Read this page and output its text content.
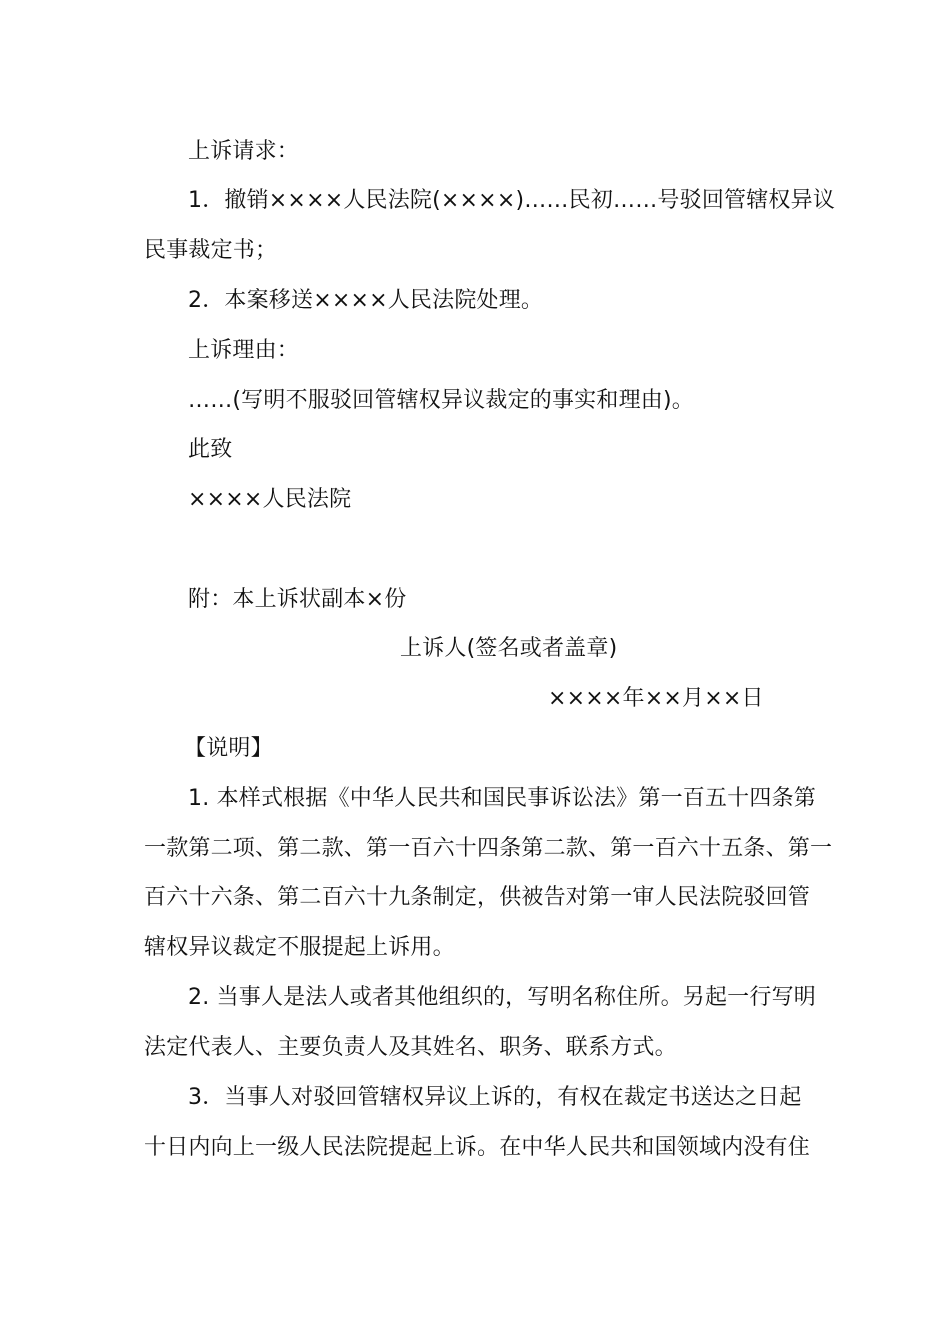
上诉请求：
1．撤销××××人民法院(××××)……民初……号驳回管辖权异议
民事裁定书；
2．本案移送××××人民法院处理。
上诉理由：
……(写明不服驳回管辖权异议裁定的事实和理由)。
此致
××××人民法院
附：本上诉状副本×份
上诉人(签名或者盖章)
××××年××月××日
【说明】
1. 本样式根据《中华人民共和国民事诉讼法》第一百五十四条第
一款第二项、第二款、第一百六十四条第二款、第一百六十五条、第一
百六十六条、第二百六十九条制定，供被告对第一审人民法院驳回管
辖权异议裁定不服提起上诉用。
2. 当事人是法人或者其他组织的，写明名称住所。另起一行写明
法定代表人、主要负责人及其姓名、职务、联系方式。
3．当事人对驳回管辖权异议上诉的，有权在裁定书送达之日起
十日内向上一级人民法院提起上诉。在中华人民共和国领域内没有住
